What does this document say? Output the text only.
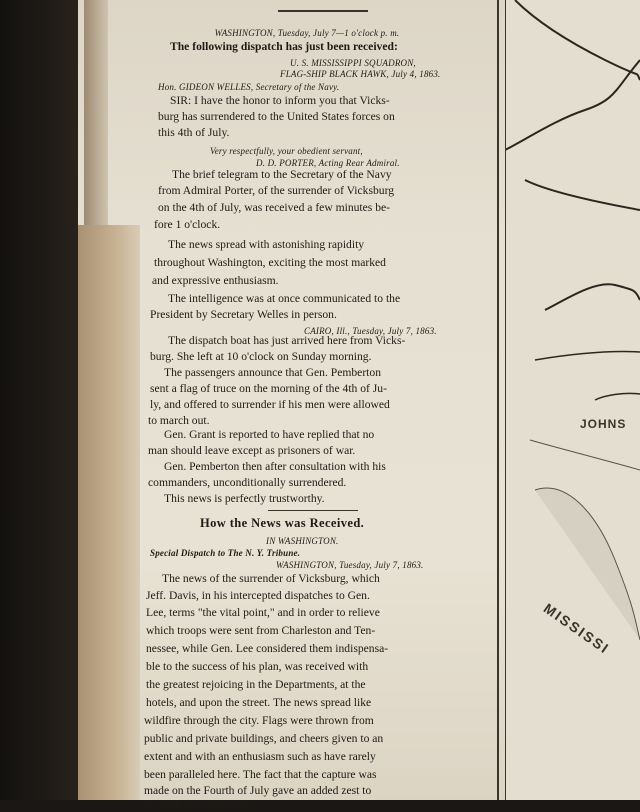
WASHINGTON, Tuesday, July 7—1 o'clock p. m.
The following dispatch has just been received:
U. S. MISSISSIPPI SQUADRON,
FLAG-SHIP BLACK HAWK, July 4, 1863.
Hon. GIDEON WELLES, Secretary of the Navy.
SIR: I have the honor to inform you that Vicks-
burg has surrendered to the United States forces on
this 4th of July.
Very respectfully, your obedient servant,
D. D. PORTER, Acting Rear Admiral.
The brief telegram to the Secretary of the Navy
from Admiral Porter, of the surrender of Vicksburg
on the 4th of July, was received a few minutes be-
fore 1 o'clock.
The news spread with astonishing rapidity
throughout Washington, exciting the most marked
and expressive enthusiasm.
The intelligence was at once communicated to the
President by Secretary Welles in person.
CAIRO, Ill., Tuesday, July 7, 1863.
The dispatch boat has just arrived here from Vicks-
burg. She left at 10 o'clock on Sunday morning.
The passengers announce that Gen. Pemberton
sent a flag of truce on the morning of the 4th of Ju-
ly, and offered to surrender if his men were allowed
to march out.
Gen. Grant is reported to have replied that no
man should leave except as prisoners of war.
Gen. Pemberton then after consultation with his
commanders, unconditionally surrendered.
This news is perfectly trustworthy.
How the News was Received.
IN WASHINGTON.
Special Dispatch to The N. Y. Tribune.
WASHINGTON, Tuesday, July 7, 1863.
The news of the surrender of Vicksburg, which
Jeff. Davis, in his intercepted dispatches to Gen.
Lee, terms "the vital point," and in order to relieve
which troops were sent from Charleston and Ten-
nessee, while Gen. Lee considered them indispensa-
ble to the success of his plan, was received with
the greatest rejoicing in the Departments, at the
hotels, and upon the street. The news spread like
wildfire through the city. Flags were thrown from
public and private buildings, and cheers given to an
extent and with an enthusiasm such as have rarely
been paralleled here. The fact that the capture was
made on the Fourth of July gave an added zest to
the general satisfaction.
JOHNS
MISSISSI
